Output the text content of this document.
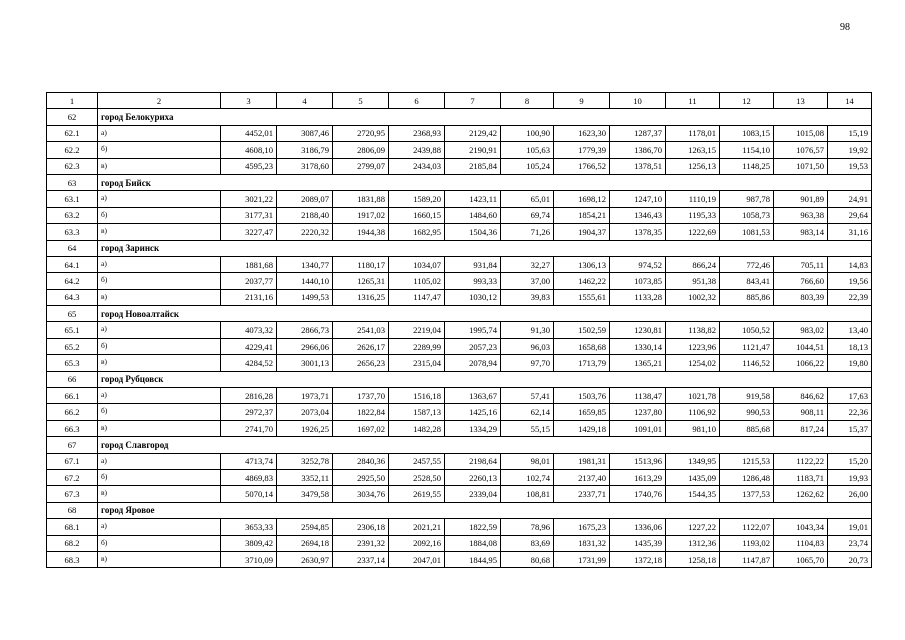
98
1	2	3	4	5	6	7	8	9	10	11	12	13	14
62	город Белокуриха												
62.1	а)	4452,01	3087,46	2720,95	2368,93	2129,42	100,90	1623,30	1287,37	1178,01	1083,15	1015,08	15,19
62.2	б)	4608,10	3186,79	2806,09	2439,88	2190,91	105,63	1779,39	1386,70	1263,15	1154,10	1076,57	19,92
62.3	в)	4595,23	3178,60	2799,07	2434,03	2185,84	105,24	1766,52	1378,51	1256,13	1148,25	1071,50	19,53
63	город Бийск												
63.1	а)	3021,22	2089,07	1831,88	1589,20	1423,11	65,01	1698,12	1247,10	1110,19	987,78	901,89	24,91
63.2	б)	3177,31	2188,40	1917,02	1660,15	1484,60	69,74	1854,21	1346,43	1195,33	1058,73	963,38	29,64
63.3	в)	3227,47	2220,32	1944,38	1682,95	1504,36	71,26	1904,37	1378,35	1222,69	1081,53	983,14	31,16
64	город Заринск												
64.1	а)	1881,68	1340,77	1180,17	1034,07	931,84	32,27	1306,13	974,52	866,24	772,46	705,11	14,83
64.2	б)	2037,77	1440,10	1265,31	1105,02	993,33	37,00	1462,22	1073,85	951,38	843,41	766,60	19,56
64.3	в)	2131,16	1499,53	1316,25	1147,47	1030,12	39,83	1555,61	1133,28	1002,32	885,86	803,39	22,39
65	город Новоалтайск												
65.1	а)	4073,32	2866,73	2541,03	2219,04	1995,74	91,30	1502,59	1230,81	1138,82	1050,52	983,02	13,40
65.2	б)	4229,41	2966,06	2626,17	2289,99	2057,23	96,03	1658,68	1330,14	1223,96	1121,47	1044,51	18,13
65.3	в)	4284,52	3001,13	2656,23	2315,04	2078,94	97,70	1713,79	1365,21	1254,02	1146,52	1066,22	19,80
66	город Рубцовск												
66.1	а)	2816,28	1973,71	1737,70	1516,18	1363,67	57,41	1503,76	1138,47	1021,78	919,58	846,62	17,63
66.2	б)	2972,37	2073,04	1822,84	1587,13	1425,16	62,14	1659,85	1237,80	1106,92	990,53	908,11	22,36
66.3	в)	2741,70	1926,25	1697,02	1482,28	1334,29	55,15	1429,18	1091,01	981,10	885,68	817,24	15,37
67	город Славгород												
67.1	а)	4713,74	3252,78	2840,36	2457,55	2198,64	98,01	1981,31	1513,96	1349,95	1215,53	1122,22	15,20
67.2	б)	4869,83	3352,11	2925,50	2528,50	2260,13	102,74	2137,40	1613,29	1435,09	1286,48	1183,71	19,93
67.3	в)	5070,14	3479,58	3034,76	2619,55	2339,04	108,81	2337,71	1740,76	1544,35	1377,53	1262,62	26,00
68	город Яровое												
68.1	а)	3653,33	2594,85	2306,18	2021,21	1822,59	78,96	1675,23	1336,06	1227,22	1122,07	1043,34	19,01
68.2	б)	3809,42	2694,18	2391,32	2092,16	1884,08	83,69	1831,32	1435,39	1312,36	1193,02	1104,83	23,74
68.3	в)	3710,09	2630,97	2337,14	2047,01	1844,95	80,68	1731,99	1372,18	1258,18	1147,87	1065,70	20,73
